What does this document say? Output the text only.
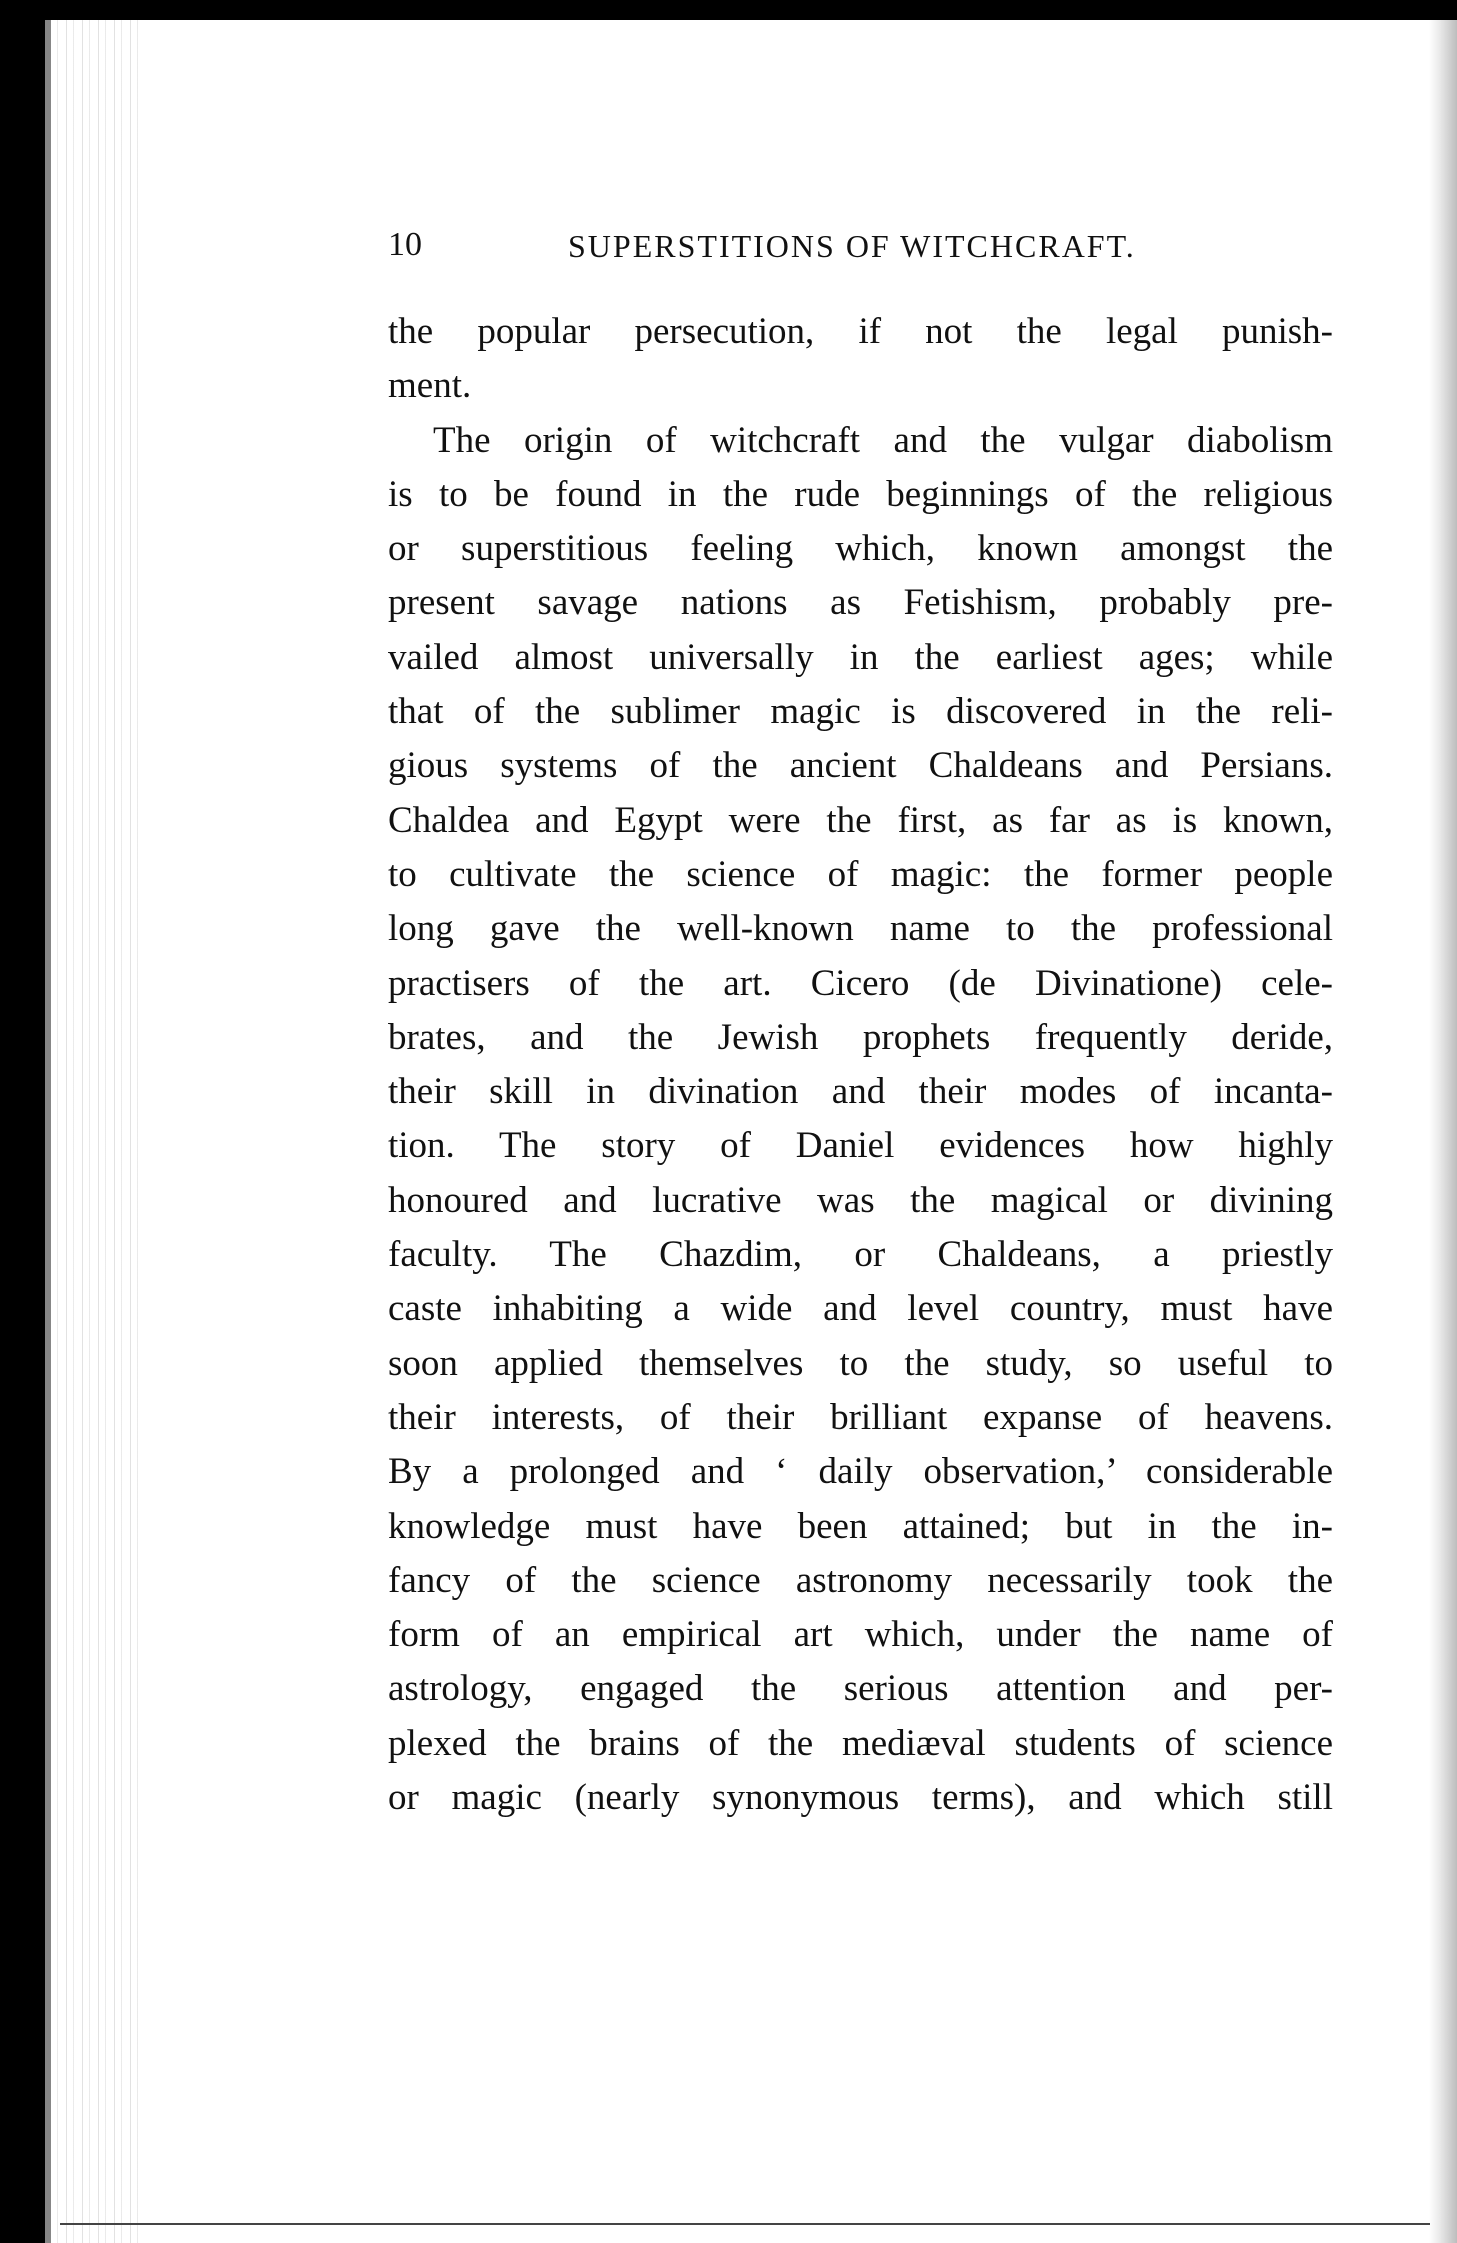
10	SUPERSTITIONS OF WITCHCRAFT.
the popular persecution, if not the legal punish-
ment.
The origin of witchcraft and the vulgar diabolism
is to be found in the rude beginnings of the religious
or superstitious feeling which, known amongst the
present savage nations as Fetishism, probably pre-
vailed almost universally in the earliest ages; while
that of the sublimer magic is discovered in the reli-
gious systems of the ancient Chaldeans and Persians.
Chaldea and Egypt were the first, as far as is known,
to cultivate the science of magic: the former people
long gave the well-known name to the professional
practisers of the art. Cicero (de Divinatione) cele-
brates, and the Jewish prophets frequently deride,
their skill in divination and their modes of incanta-
tion. The story of Daniel evidences how highly
honoured and lucrative was the magical or divining
faculty. The Chazdim, or Chaldeans, a priestly
caste inhabiting a wide and level country, must have
soon applied themselves to the study, so useful to
their interests, of their brilliant expanse of heavens.
By a prolonged and ‘ daily observation,’ considerable
knowledge must have been attained; but in the in-
fancy of the science astronomy necessarily took the
form of an empirical art which, under the name of
astrology, engaged the serious attention and per-
plexed the brains of the mediæval students of science
or magic (nearly synonymous terms), and which still
